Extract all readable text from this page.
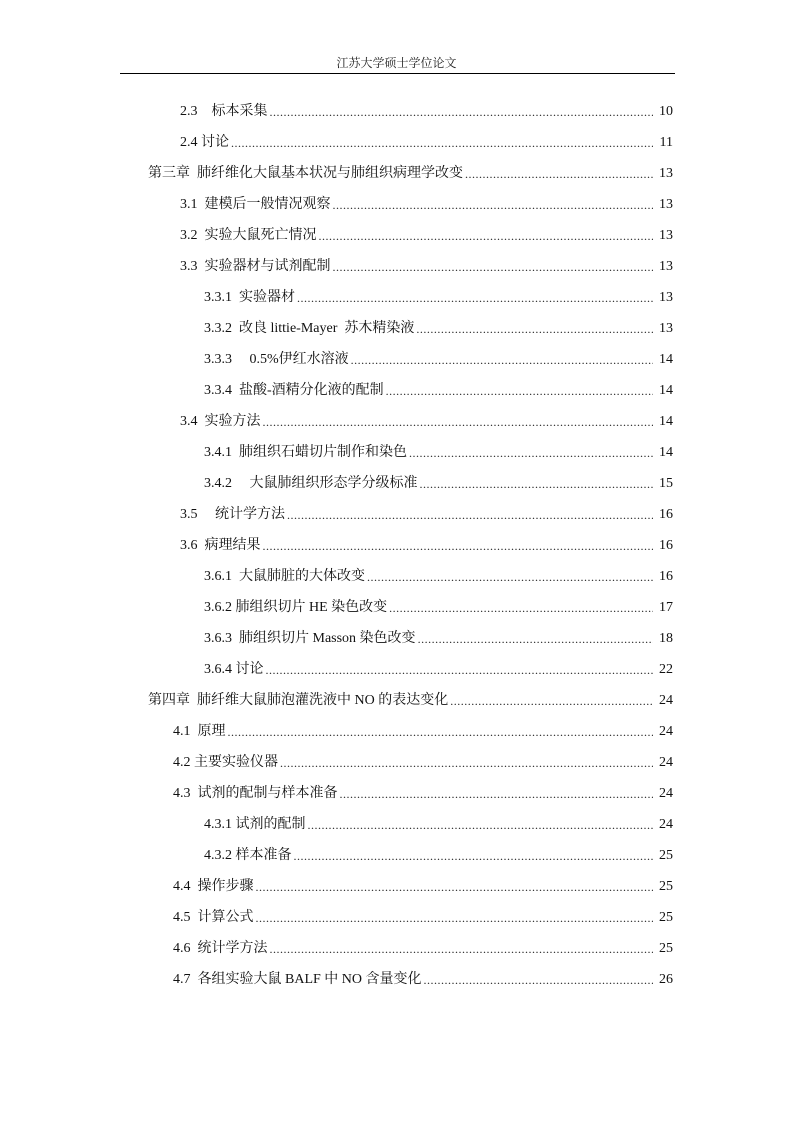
江苏大学硕士学位论文
2.3　标本采集 .....	10
2.4 讨论 .....	11
第三章  肺纤维化大鼠基本状况与肺组织病理学改变 .....	13
3.1  建模后一般情况观察 .....	13
3.2  实验大鼠死亡情况 .....	13
3.3  实验器材与试剂配制 .....	13
3.3.1  实验器材 .....	13
3.3.2  改良 littie-Mayer  苏木精染液 .....	13
3.3.3　 0.5%伊红水溶液 .....	14
3.3.4  盐酸-酒精分化液的配制 .....	14
3.4  实验方法 .....	14
3.4.1  肺组织石蜡切片制作和染色 .....	14
3.4.2　 大鼠肺组织形态学分级标准 .....	15
3.5　 统计学方法 .....	16
3.6  病理结果 .....	16
3.6.1  大鼠肺脏的大体改变 .....	16
3.6.2 肺组织切片 HE 染色改变 .....	17
3.6.3  肺组织切片 Masson 染色改变 .....	18
3.6.4 讨论 .....	22
第四章  肺纤维大鼠肺泡灌洗液中 NO 的表达变化 .....	24
4.1  原理 .....	24
4.2 主要实验仪器 .....	24
4.3  试剂的配制与样本准备 .....	24
4.3.1 试剂的配制 .....	24
4.3.2 样本准备 .....	25
4.4  操作步骤 .....	25
4.5  计算公式 .....	25
4.6  统计学方法 .....	25
4.7  各组实验大鼠 BALF 中 NO 含量变化 .....	26
